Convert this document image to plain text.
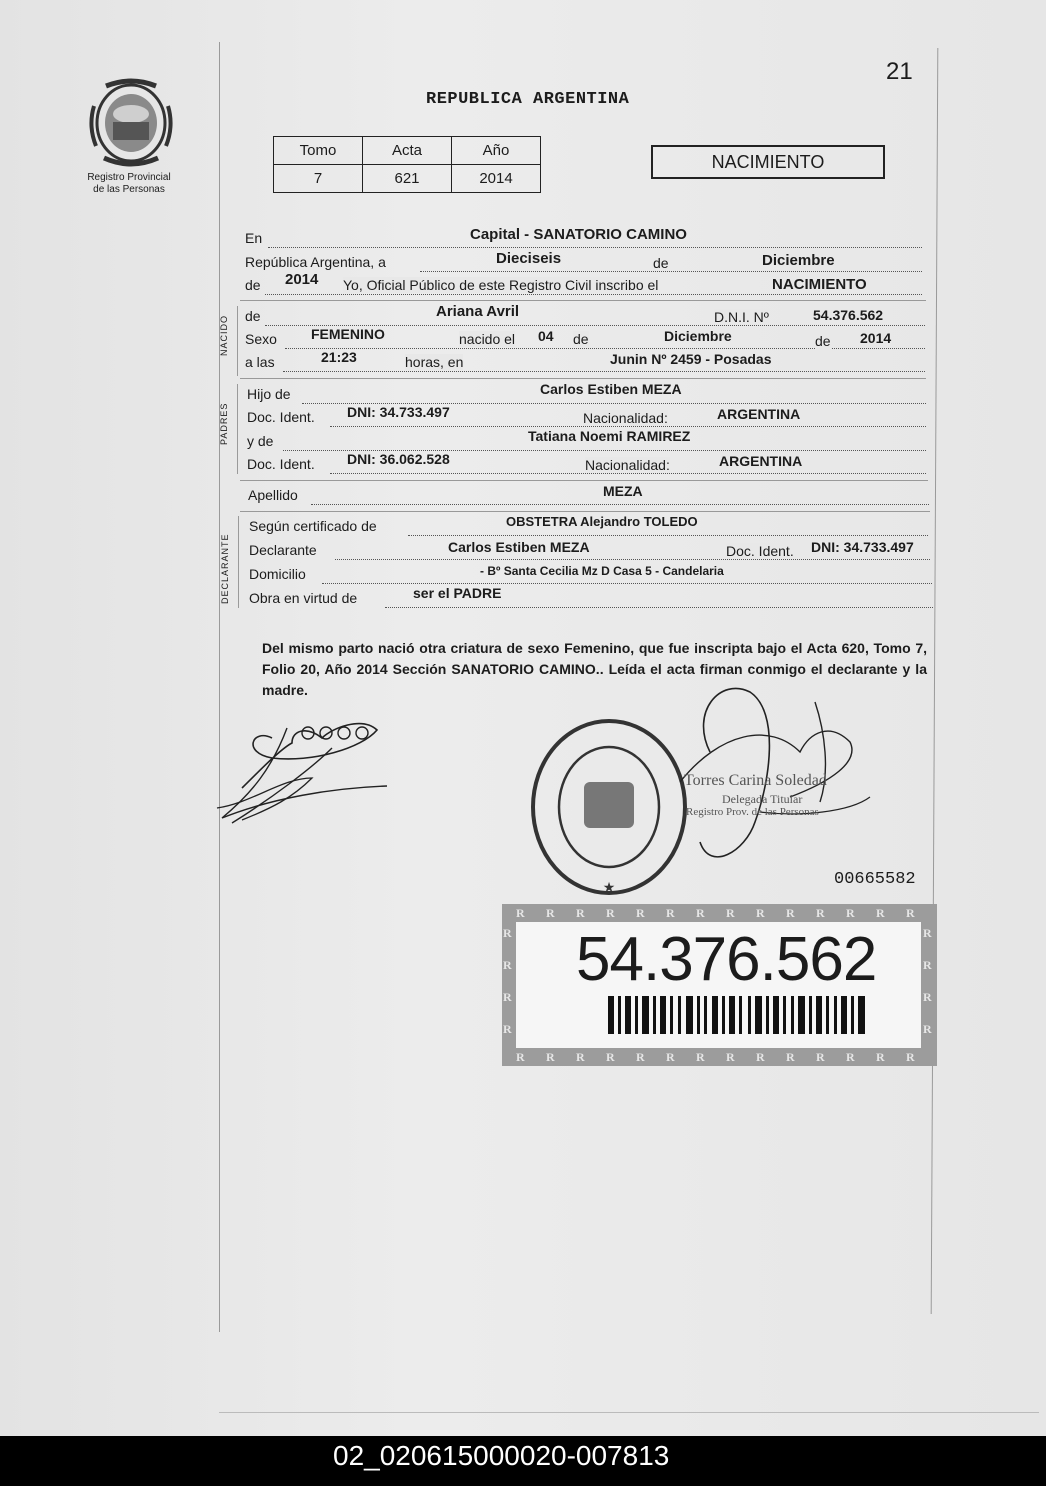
21
Registro Provincial
de las Personas
REPUBLICA ARGENTINA
Tomo	Acta	Año
7	621	2014
NACIMIENTO
En	Capital - SANATORIO CAMINO
República Argentina, a	Dieciseis	de	Diciembre
de 2014 Yo, Oficial Público de este Registro Civil inscribo el	NACIMIENTO
NACIDO de	Ariana Avril	D.N.I. Nº	54.376.562
Sexo FEMENINO	nacido el 04 de	Diciembre	de 2014
a las	21:23	horas, en	Junin Nº 2459 - Posadas
PADRES
Hijo de	Carlos Estiben MEZA
Doc. Ident. DNI: 34.733.497	Nacionalidad:	ARGENTINA
y de	Tatiana Noemi RAMIREZ
Doc. Ident. DNI: 36.062.528	Nacionalidad:	ARGENTINA
Apellido	MEZA
DECLARANTE
Según certificado de	OBSTETRA Alejandro TOLEDO
Declarante	Carlos Estiben MEZA	Doc. Ident. DNI: 34.733.497
Domicilio	- Bº Santa Cecilia Mz D Casa 5 - Candelaria
Obra en virtud de	ser el PADRE
Del mismo parto nació otra criatura de sexo Femenino, que fue inscripta bajo el Acta 620, Tomo 7, Folio 20, Año 2014 Sección SANATORIO CAMINO.. Leída el acta firman conmigo el declarante y la madre.
★
Torres Carina Soledad
Delegada Titular
Registro Prov. de las Personas
00665582
54.376.562
R
R
R
R
R
R
R
R
R
R
R
R
R
R
R
R
R
R
R
R
R
R
R
R
R
R
R
R
R	R
R	R
R	R
R	R
02_020615000020-007813
